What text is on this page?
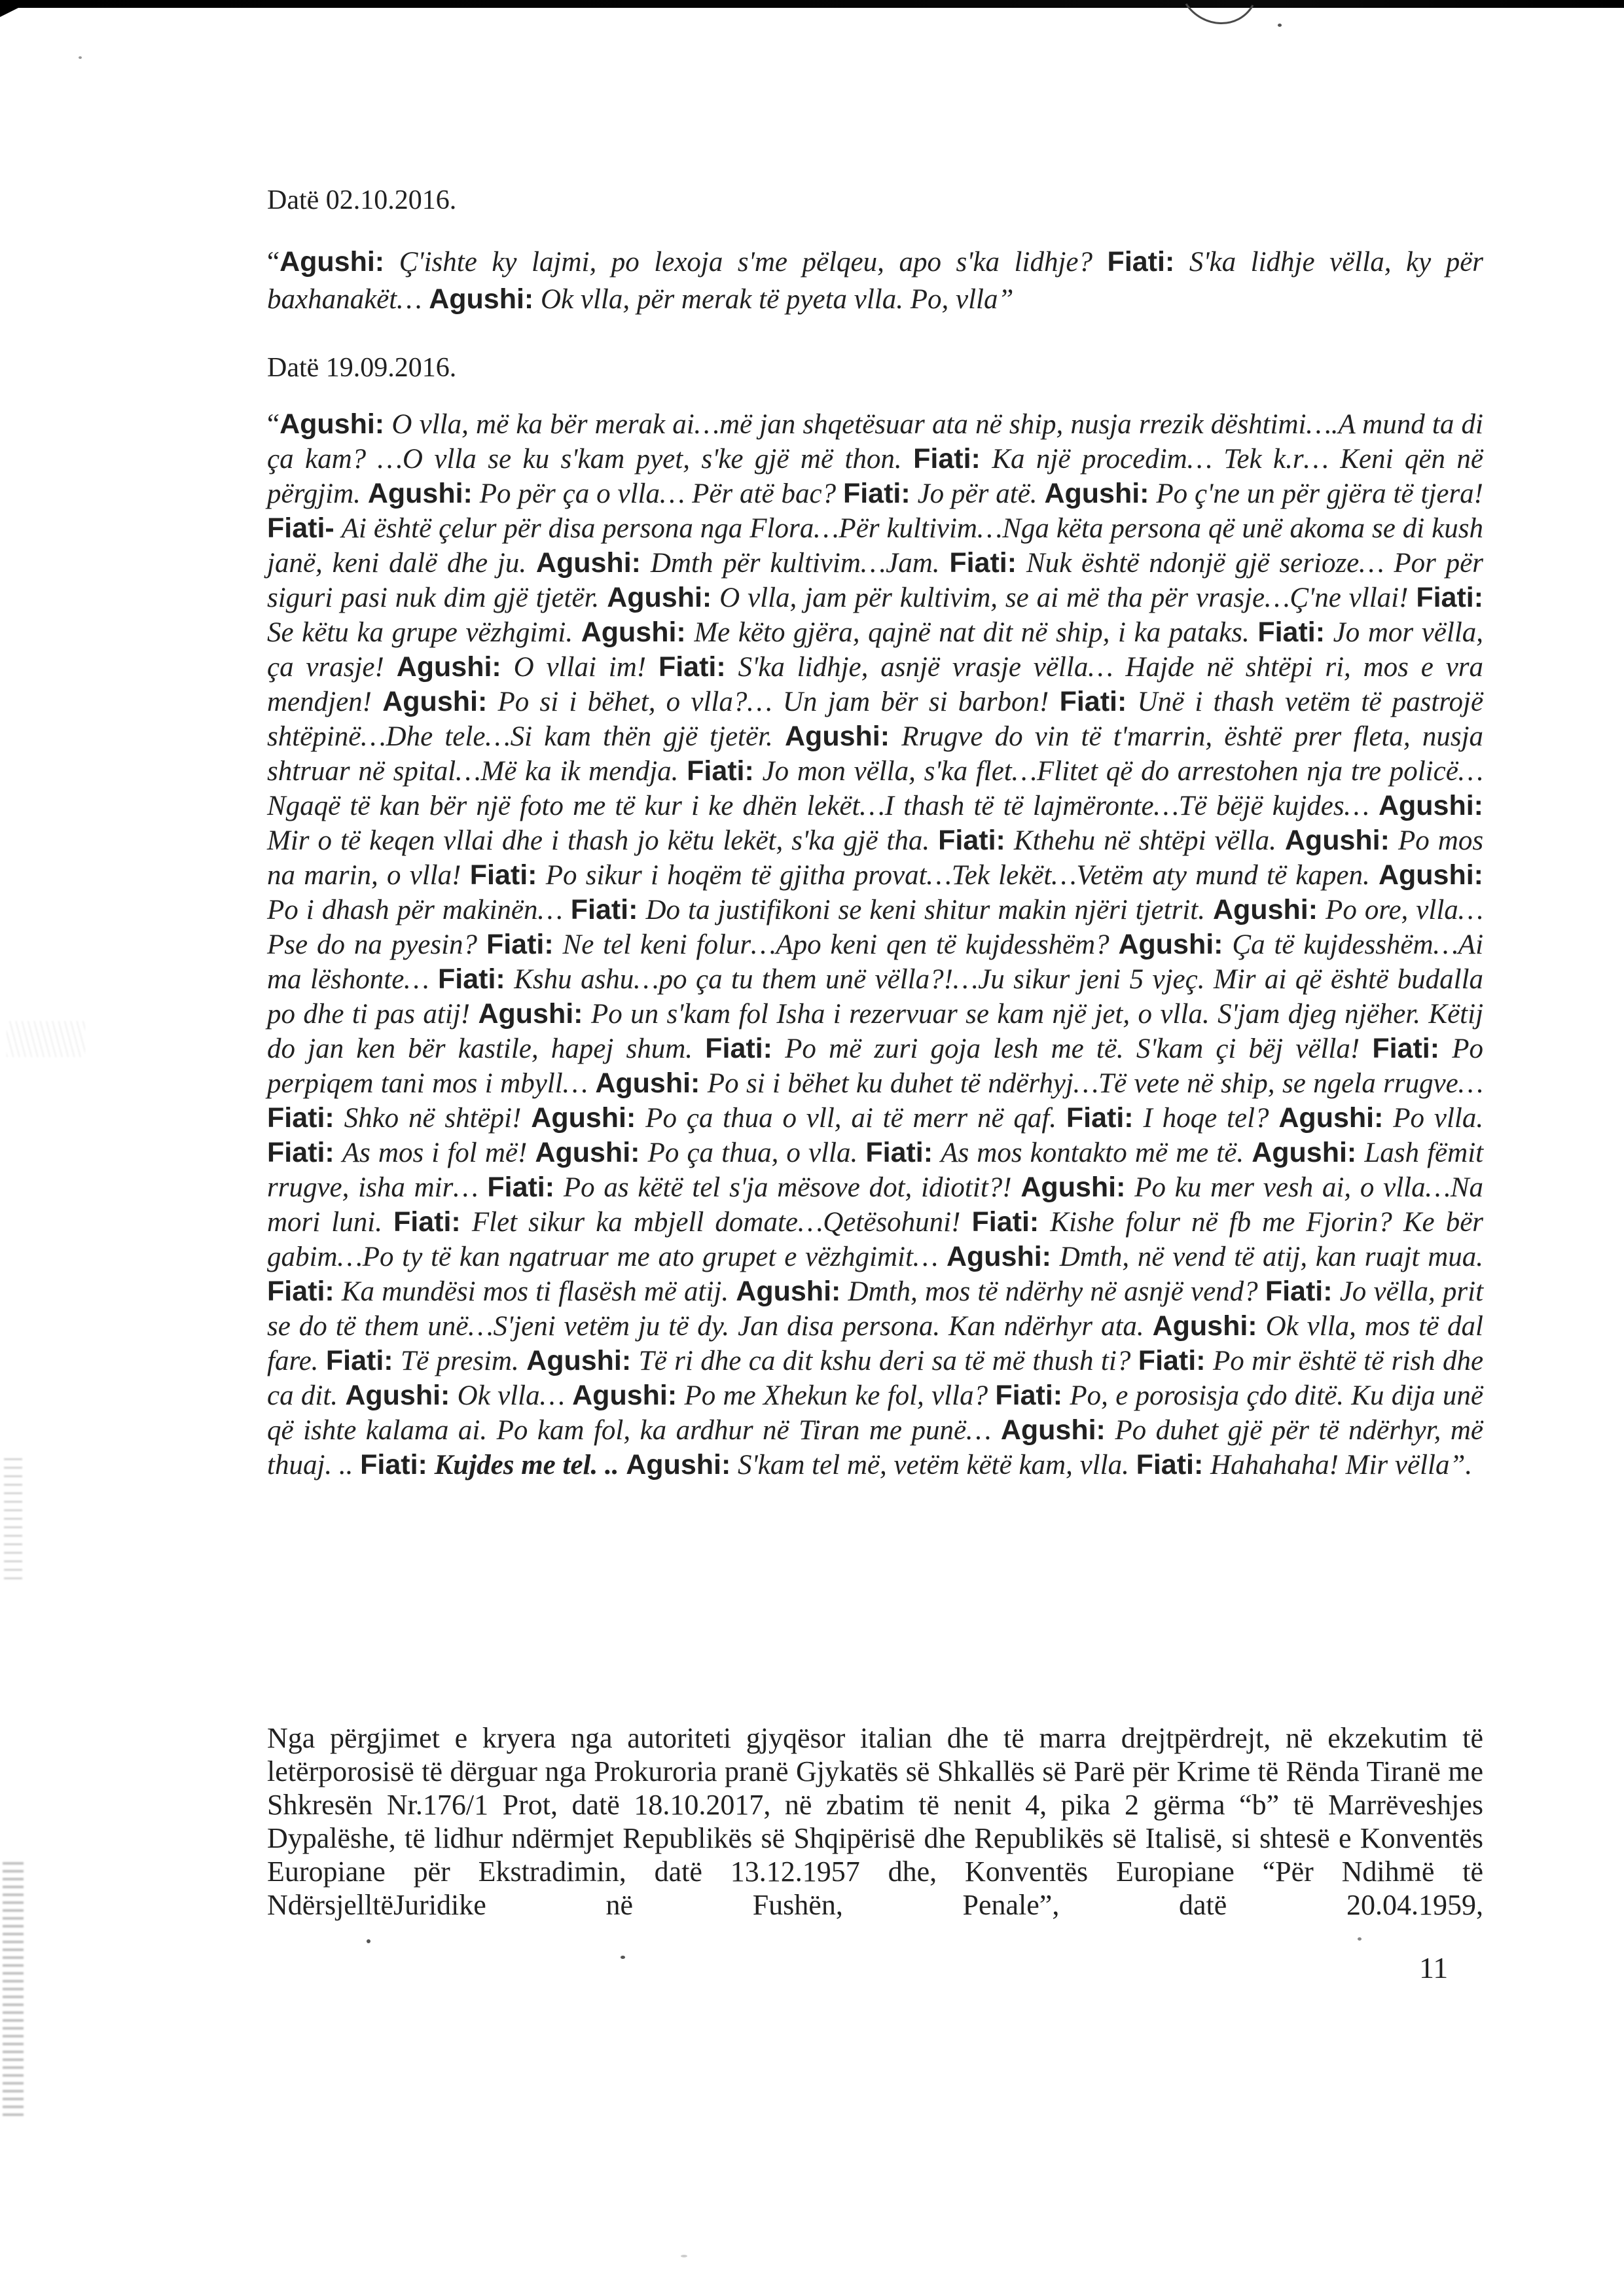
Datë 02.10.2016.

“Agushi: Ç'ishte ky lajmi, po lexoja s'me pëlqeu, apo s'ka lidhje? Fiati: S'ka lidhje vëlla, ky për baxhanakët… Agushi: Ok vlla, për merak të pyeta vlla. Po, vlla”

Datë 19.09.2016.

“Agushi: O vlla, më ka bër merak ai…më jan shqetësuar ata në ship, nusja rrezik dështimi….A mund ta di ça kam? …O vlla se ku s'kam pyet, s'ke gjë më thon. Fiati: Ka një procedim… Tek k.r… Keni qën në përgjim. Agushi: Po për ça o vlla… Për atë bac? Fiati: Jo për atë. Agushi: Po ç'ne un për gjëra të tjera! Fiati- Ai është çelur për disa persona nga Flora…Për kultivim…Nga këta persona që unë akoma se di kush janë, keni dalë dhe ju. Agushi: Dmth për kultivim…Jam. Fiati: Nuk është ndonjë gjë serioze… Por për siguri pasi nuk dim gjë tjetër. Agushi: O vlla, jam për kultivim, se ai më tha për vrasje…Ç'ne vllai! Fiati: Se këtu ka grupe vëzhgimi. Agushi: Me këto gjëra, qajnë nat dit në ship, i ka pataks. Fiati: Jo mor vëlla, ça vrasje! Agushi: O vllai im! Fiati: S'ka lidhje, asnjë vrasje vëlla… Hajde në shtëpi ri, mos e vra mendjen! Agushi: Po si i bëhet, o vlla?… Un jam bër si barbon! Fiati: Unë i thash vetëm të pastrojë shtëpinë…Dhe tele…Si kam thën gjë tjetër. Agushi: Rrugve do vin të t'marrin, është prer fleta, nusja shtruar në spital…Më ka ik mendja. Fiati: Jo mon vëlla, s'ka flet…Flitet që do arrestohen nja tre policë… Ngaqë të kan bër një foto me të kur i ke dhën lekët…I thash të të lajmëronte…Të bëjë kujdes… Agushi: Mir o të keqen vllai dhe i thash jo këtu lekët, s'ka gjë tha. Fiati: Kthehu në shtëpi vëlla. Agushi: Po mos na marin, o vlla! Fiati: Po sikur i hoqëm të gjitha provat…Tek lekët…Vetëm aty mund të kapen. Agushi: Po i dhash për makinën… Fiati: Do ta justifikoni se keni shitur makin njëri tjetrit. Agushi: Po ore, vlla…Pse do na pyesin? Fiati: Ne tel keni folur…Apo keni qen të kujdesshëm? Agushi: Ça të kujdesshëm…Ai ma lëshonte… Fiati: Kshu ashu…po ça tu them unë vëlla?!…Ju sikur jeni 5 vjeç. Mir ai që është budalla po dhe ti pas atij! Agushi: Po un s'kam fol Isha i rezervuar se kam një jet, o vlla. S'jam djeg njëher. Këtij do jan ken bër kastile, hapej shum. Fiati: Po më zuri goja lesh me të. S'kam çi bëj vëlla! Fiati: Po perpiqem tani mos i mbyll… Agushi: Po si i bëhet ku duhet të ndërhyj…Të vete në ship, se ngela rrugve… Fiati: Shko në shtëpi! Agushi: Po ça thua o vll, ai të merr në qaf. Fiati: I hoqe tel? Agushi: Po vlla. Fiati: As mos i fol më! Agushi: Po ça thua, o vlla. Fiati: As mos kontakto më me të. Agushi: Lash fëmit rrugve, isha mir… Fiati: Po as këtë tel s'ja mësove dot, idiotit?! Agushi: Po ku mer vesh ai, o vlla…Na mori luni. Fiati: Flet sikur ka mbjell domate…Qetësohuni! Fiati: Kishe folur në fb me Fjorin? Ke bër gabim…Po ty të kan ngatruar me ato grupet e vëzhgimit… Agushi: Dmth, në vend të atij, kan ruajt mua. Fiati: Ka mundësi mos ti flasësh më atij. Agushi: Dmth, mos të ndërhy në asnjë vend? Fiati: Jo vëlla, prit se do të them unë…S'jeni vetëm ju të dy. Jan disa persona. Kan ndërhyr ata. Agushi: Ok vlla, mos të dal fare. Fiati: Të presim. Agushi: Të ri dhe ca dit kshu deri sa të më thush ti? Fiati: Po mir është të rish dhe ca dit. Agushi: Ok vlla… Agushi: Po me Xhekun ke fol, vlla? Fiati: Po, e porosisja çdo ditë. Ku dija unë që ishte kalama ai. Po kam fol, ka ardhur në Tiran me punë… Agushi: Po duhet gjë për të ndërhyr, më thuaj. .. Fiati: Kujdes me tel. .. Agushi: S'kam tel më, vetëm këtë kam, vlla. Fiati: Hahahaha! Mir vëlla”.

Nga përgjimet e kryera nga autoriteti gjyqësor italian dhe të marra drejtpërdrejt, në ekzekutim të letërporosisë të dërguar nga Prokuroria pranë Gjykatës së Shkallës së Parë për Krime të Rënda Tiranë me Shkresën Nr.176/1 Prot, datë 18.10.2017, në zbatim të nenit 4, pika 2 gërma “b” të Marrëveshjes Dypalëshe, të lidhur ndërmjet Republikës së Shqipërisë dhe Republikës së Italisë, si shtesë e Konventës Europiane për Ekstradimin, datë 13.12.1957 dhe, Konventës Europiane “Për Ndihmë të NdërsjelltëJuridike në Fushën, Penale”, datë 20.04.1959,

11
